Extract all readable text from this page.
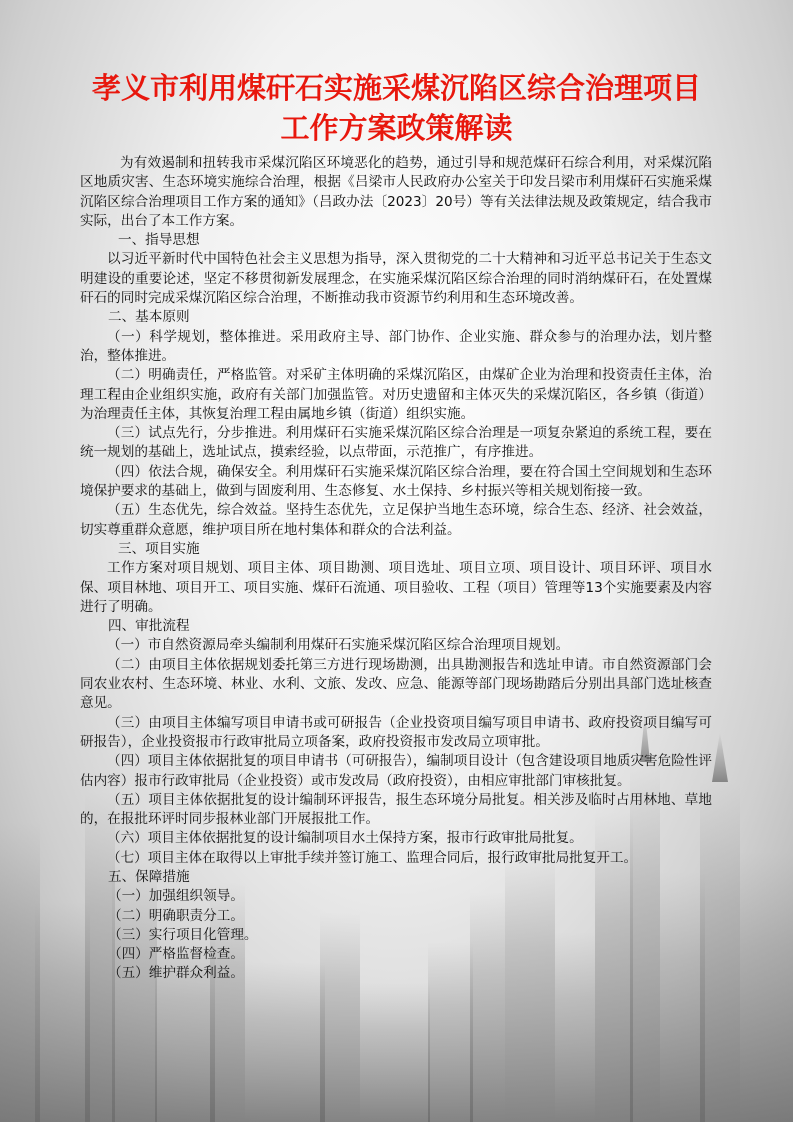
孝义市利用煤矸石实施采煤沉陷区综合治理项目
工作方案政策解读

为有效遏制和扭转我市采煤沉陷区环境恶化的趋势，通过引导和规范煤矸石综合利用，对采煤沉陷区地质灾害、生态环境实施综合治理，根据《吕梁市人民政府办公室关于印发吕梁市利用煤矸石实施采煤沉陷区综合治理项目工作方案的通知》（吕政办法〔2023〕20号）等有关法律法规及政策规定，结合我市实际，出台了本工作方案。

一、指导思想

以习近平新时代中国特色社会主义思想为指导，深入贯彻党的二十大精神和习近平总书记关于生态文明建设的重要论述，坚定不移贯彻新发展理念，在实施采煤沉陷区综合治理的同时消纳煤矸石，在处置煤矸石的同时完成采煤沉陷区综合治理，不断推动我市资源节约利用和生态环境改善。

二、基本原则

（一）科学规划，整体推进。采用政府主导、部门协作、企业实施、群众参与的治理办法，划片整治，整体推进。

（二）明确责任，严格监管。对采矿主体明确的采煤沉陷区，由煤矿企业为治理和投资责任主体，治理工程由企业组织实施，政府有关部门加强监管。对历史遗留和主体灭失的采煤沉陷区，各乡镇（街道）为治理责任主体，其恢复治理工程由属地乡镇（街道）组织实施。

（三）试点先行，分步推进。利用煤矸石实施采煤沉陷区综合治理是一项复杂紧迫的系统工程，要在统一规划的基础上，选址试点，摸索经验，以点带面，示范推广，有序推进。

（四）依法合规，确保安全。利用煤矸石实施采煤沉陷区综合治理，要在符合国土空间规划和生态环境保护要求的基础上，做到与固废利用、生态修复、水土保持、乡村振兴等相关规划衔接一致。

（五）生态优先，综合效益。坚持生态优先，立足保护当地生态环境，综合生态、经济、社会效益，切实尊重群众意愿，维护项目所在地村集体和群众的合法利益。

三、项目实施

工作方案对项目规划、项目主体、项目勘测、项目选址、项目立项、项目设计、项目环评、项目水保、项目林地、项目开工、项目实施、煤矸石流通、项目验收、工程（项目）管理等13个实施要素及内容进行了明确。

四、审批流程

（一）市自然资源局牵头编制利用煤矸石实施采煤沉陷区综合治理项目规划。

（二）由项目主体依据规划委托第三方进行现场勘测，出具勘测报告和选址申请。市自然资源部门会同农业农村、生态环境、林业、水利、文旅、发改、应急、能源等部门现场勘踏后分别出具部门选址核查意见。

（三）由项目主体编写项目申请书或可研报告（企业投资项目编写项目申请书、政府投资项目编写可研报告），企业投资报市行政审批局立项备案，政府投资报市发改局立项审批。

（四）项目主体依据批复的项目申请书（可研报告），编制项目设计（包含建设项目地质灾害危险性评估内容）报市行政审批局（企业投资）或市发改局（政府投资），由相应审批部门审核批复。

（五）项目主体依据批复的设计编制环评报告，报生态环境分局批复。相关涉及临时占用林地、草地的，在报批环评时同步报林业部门开展报批工作。

（六）项目主体依据批复的设计编制项目水土保持方案，报市行政审批局批复。

（七）项目主体在取得以上审批手续并签订施工、监理合同后，报行政审批局批复开工。

五、保障措施

（一）加强组织领导。

（二）明确职责分工。

（三）实行项目化管理。

（四）严格监督检查。

（五）维护群众利益。
